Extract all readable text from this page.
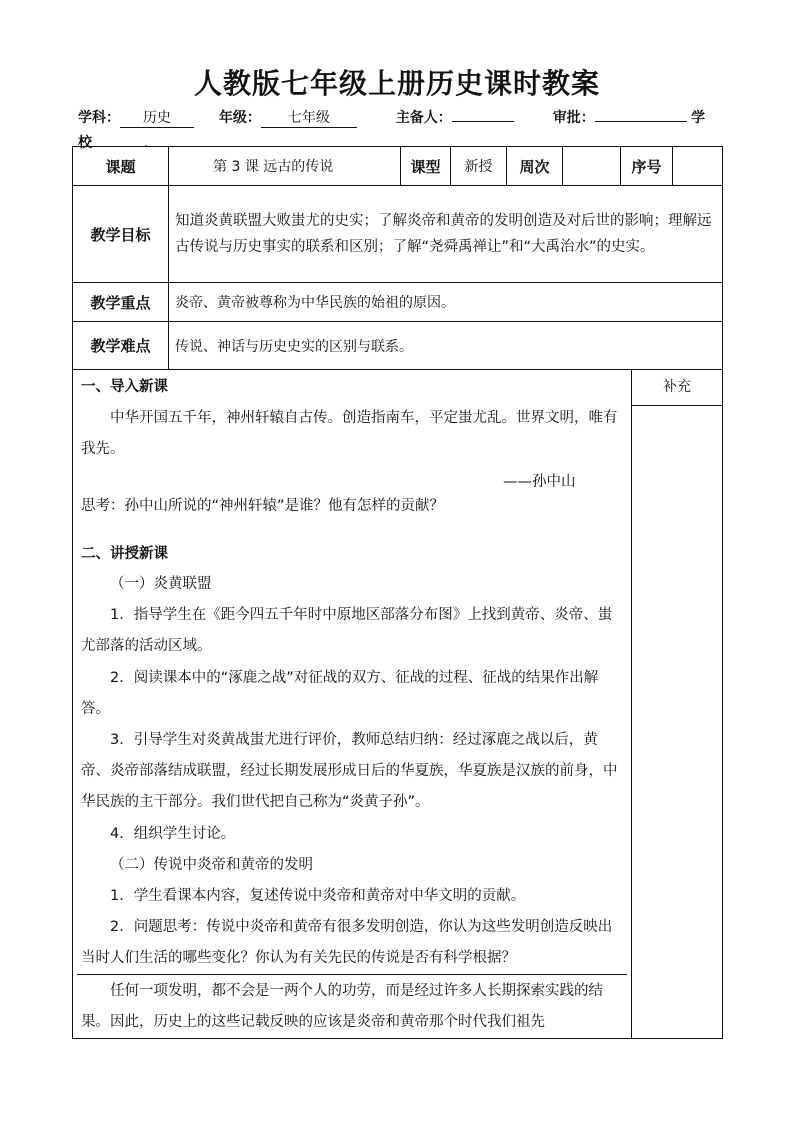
人教版七年级上册历史课时教案
学科： 历史	年级： 七年级	主备人：	审批：	学
校	.
课题	第 3 课 远古的传说	课型	新授	周次		序号	
教学目标	知道炎黄联盟大败蚩尤的史实；了解炎帝和黄帝的发明创造及对后世的影响；理解远古传说与历史事实的联系和区别；了解“尧舜禹禅让”和“大禹治水”的史实。						
教学重点	炎帝、黄帝被尊称为中华民族的始祖的原因。						
教学难点	传说、神话与历史史实的区别与联系。						
一、导入新课
中华开国五千年，神州轩辕自古传。创造指南车，平定蚩尤乱。世界文明，唯有我先。
——孙中山
思考：孙中山所说的“神州轩辕”是谁？他有怎样的贡献？
二、讲授新课
（一）炎黄联盟
1．指导学生在《距今四五千年时中原地区部落分布图》上找到黄帝、炎帝、蚩尤部落的活动区域。
2．阅读课本中的“涿鹿之战”对征战的双方、征战的过程、征战的结果作出解答。
3．引导学生对炎黄战蚩尤进行评价，教师总结归纳：经过涿鹿之战以后，黄帝、炎帝部落结成联盟，经过长期发展形成日后的华夏族，华夏族是汉族的前身，中华民族的主干部分。我们世代把自己称为“炎黄子孙”。
4．组织学生讨论。
（二）传说中炎帝和黄帝的发明
1．学生看课本内容，复述传说中炎帝和黄帝对中华文明的贡献。
2．问题思考：传说中炎帝和黄帝有很多发明创造，你认为这些发明创造反映出当时人们生活的哪些变化？你认为有关先民的传说是否有科学根据？
任何一项发明，都不会是一两个人的功劳，而是经过许多人长期探索实践的结果。因此，历史上的这些记载反映的应该是炎帝和黄帝那个时代我们祖先
补充
